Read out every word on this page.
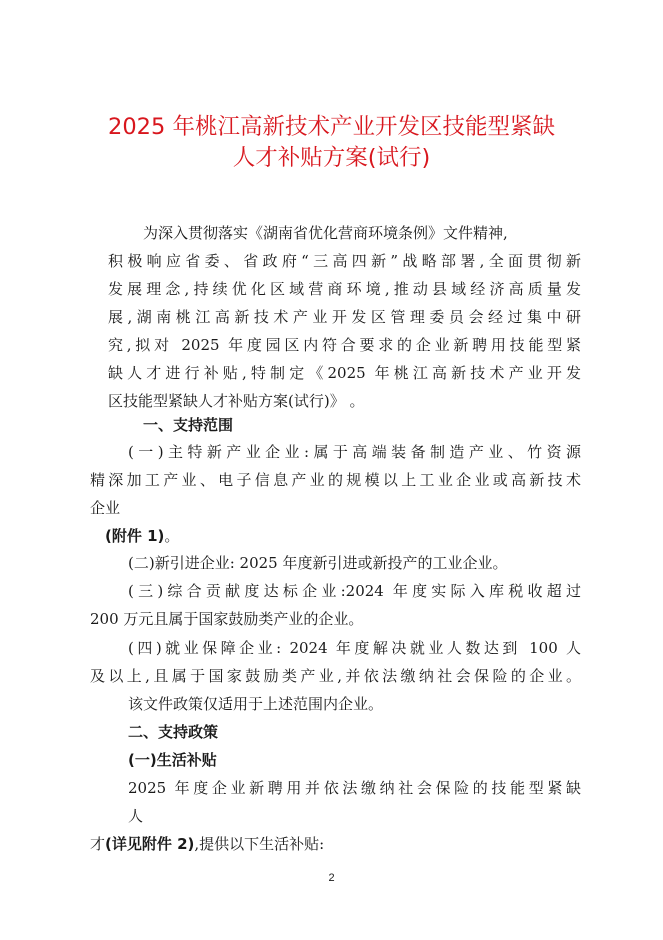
2025 年桃江高新技术产业开发区技能型紧缺
人才补贴方案(试行)
为深入贯彻落实《湖南省优化营商环境条例》文件精神,
积极响应省委、省政府“三高四新”战略部署,全面贯彻新
发展理念,持续优化区域营商环境,推动县域经济高质量发
展,湖南桃江高新技术产业开发区管理委员会经过集中研
究,拟对 2025 年度园区内符合要求的企业新聘用技能型紧
缺人才进行补贴,特制定《2025 年桃江高新技术产业开发
区技能型紧缺人才补贴方案(试行)》 。
一、支持范围
(一)主特新产业企业:属于高端装备制造产业、竹资源
精深加工产业、电子信息产业的规模以上工业企业或高新技术
企业
(附件 1)。
(二)新引进企业: 2025 年度新引进或新投产的工业企业。
(三)综合贡献度达标企业:2024 年度实际入库税收超过
200 万元且属于国家鼓励类产业的企业。
(四)就业保障企业: 2024 年度解决就业人数达到 100 人
及以上,且属于国家鼓励类产业,并依法缴纳社会保险的企业。
该文件政策仅适用于上述范围内企业。
二、支持政策
(一)生活补贴
2025 年度企业新聘用并依法缴纳社会保险的技能型紧缺
人
才(详见附件 2),提供以下生活补贴:
2
